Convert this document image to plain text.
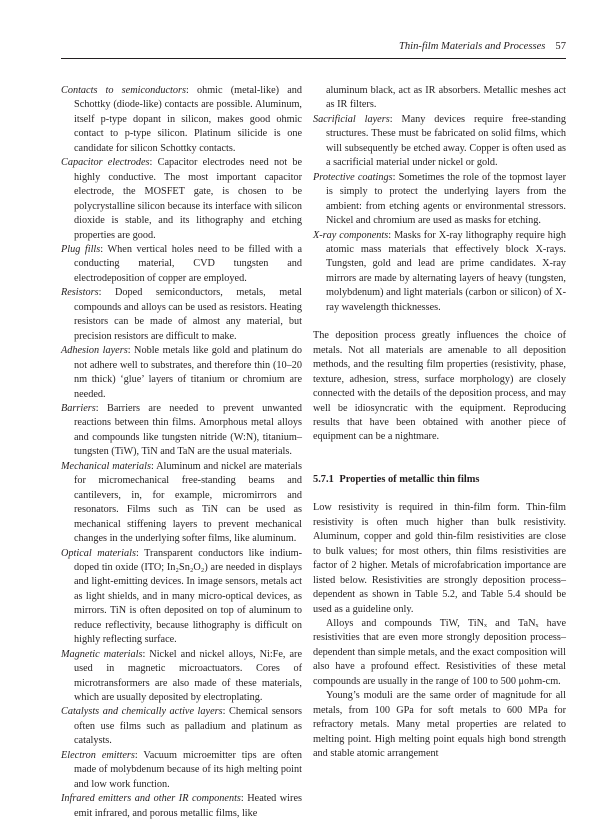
Thin-film Materials and Processes 57

Contacts to semiconductors: ohmic (metal-like) and Schottky (diode-like) contacts are possible. Aluminum, itself p-type dopant in silicon, makes good ohmic contact to p-type silicon. Platinum silicide is one candidate for silicon Schottky contacts.

Capacitor electrodes: Capacitor electrodes need not be highly conductive. The most important capacitor electrode, the MOSFET gate, is chosen to be polycrystalline silicon because its interface with silicon dioxide is stable, and its lithography and etching properties are good.

Plug fills: When vertical holes need to be filled with a conducting material, CVD tungsten and electrodeposition of copper are employed.

Resistors: Doped semiconductors, metals, metal compounds and alloys can be used as resistors. Heating resistors can be made of almost any material, but precision resistors are difficult to make.

Adhesion layers: Noble metals like gold and platinum do not adhere well to substrates, and therefore thin (10–20 nm thick) ‘glue’ layers of titanium or chromium are needed.

Barriers: Barriers are needed to prevent unwanted reactions between thin films. Amorphous metal alloys and compounds like tungsten nitride (W:N), titanium–tungsten (TiW), TiN and TaN are the usual materials.

Mechanical materials: Aluminum and nickel are materials for micromechanical free-standing beams and cantilevers, in, for example, micromirrors and resonators. Films such as TiN can be used as mechanical stiffening layers to prevent mechanical changes in the underlying softer films, like aluminum.

Optical materials: Transparent conductors like indium-doped tin oxide (ITO; In₂Sn₂O₂) are needed in displays and light-emitting devices. In image sensors, metals act as light shields, and in many micro-optical devices, as mirrors. TiN is often deposited on top of aluminum to reduce reflectivity, because lithography is difficult on highly reflecting surface.

Magnetic materials: Nickel and nickel alloys, Ni:Fe, are used in magnetic microactuators. Cores of microtransformers are also made of these materials, which are usually deposited by electroplating.

Catalysts and chemically active layers: Chemical sensors often use films such as palladium and platinum as catalysts.

Electron emitters: Vacuum microemitter tips are often made of molybdenum because of its high melting point and low work function.

Infrared emitters and other IR components: Heated wires emit infrared, and porous metallic films, like

aluminum black, act as IR absorbers. Metallic meshes act as IR filters.

Sacrificial layers: Many devices require free-standing structures. These must be fabricated on solid films, which will subsequently be etched away. Copper is often used as a sacrificial material under nickel or gold.

Protective coatings: Sometimes the role of the topmost layer is simply to protect the underlying layers from the ambient: from etching agents or environmental stressors. Nickel and chromium are used as masks for etching.

X-ray components: Masks for X-ray lithography require high atomic mass materials that effectively block X-rays. Tungsten, gold and lead are prime candidates. X-ray mirrors are made by alternating layers of heavy (tungsten, molybdenum) and light materials (carbon or silicon) of X-ray wavelength thicknesses.

The deposition process greatly influences the choice of metals. Not all materials are amenable to all deposition methods, and the resulting film properties (resistivity, phase, texture, adhesion, stress, surface morphology) are closely connected with the details of the deposition process, and may well be idiosyncratic with the equipment. Reproducing results that have been obtained with another piece of equipment can be a nightmare.

5.7.1 Properties of metallic thin films

Low resistivity is required in thin-film form. Thin-film resistivity is often much higher than bulk resistivity. Aluminum, copper and gold thin-film resistivities are close to bulk values; for most others, thin films resistivities are factor of 2 higher. Metals of microfabrication importance are listed below. Resistivities are strongly deposition process–dependent as shown in Table 5.2, and Table 5.4 should be used as a guideline only.

Alloys and compounds TiW, TiNₓ and TaNₓ have resistivities that are even more strongly deposition process–dependent than simple metals, and the exact composition will also have a profound effect. Resistivities of these metal compounds are usually in the range of 100 to 500 μohm-cm.

Young’s moduli are the same order of magnitude for all metals, from 100 GPa for soft metals to 600 MPa for refractory metals. Many metal properties are related to melting point. High melting point equals high bond strength and stable atomic arrangement
